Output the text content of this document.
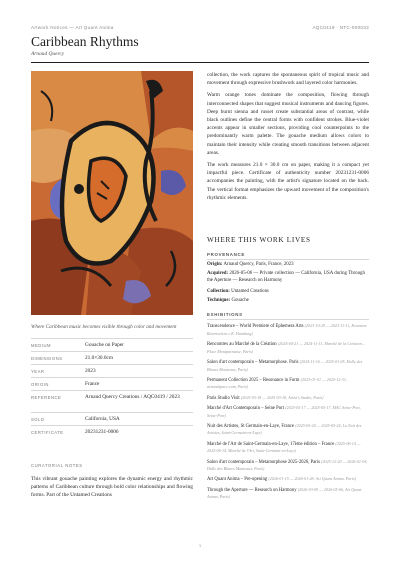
Artwork Notices — Art Quant Anima	AQC0419 · NTC-000033
Caribbean Rhythms
Arnaud Quercy
Where Caribbean music becomes visible through color and movement
MEDIUM	Gouache on Paper
DIMENSIONS	21.0×30.0cm
YEAR	2023
ORIGIN	France
REFERENCE	Arnaud Quercy Creations / AQC0419 / 2023
SOLD	California, USA
CERTIFICATE	20231231-0006
CURATORIAL NOTES
This vibrant gouache painting explores the dynamic energy and rhythmic patterns of Caribbean culture through bold color relationships and flowing forms. Part of the Untamed Creations

collection, the work captures the spontaneous spirit of tropical music and movement through expressive brushwork and layered color harmonies.

Warm orange tones dominate the composition, flowing through interconnected shapes that suggest musical instruments and dancing figures. Deep burnt sienna and russet create substantial areas of contrast, while black outlines define the central forms with confident strokes. Blue-violet accents appear in smaller sections, providing cool counterpoints to the predominantly warm palette. The gouache medium allows colors to maintain their intensity while creating smooth transitions between adjacent areas.

The work measures 21.0 × 30.0 cm on paper, making it a compact yet impactful piece. Certificate of authenticity number 20231231-0006 accompanies the painting, with the artist's signature located on the back. The vertical format emphasizes the upward movement of the composition's rhythmic elements.

WHERE THIS WORK LIVES
PROVENANCE
Origin: Arnaud Quercy, Paris, France, 2023
Acquired: 2026-05-06 — Private collection — California, USA during Through the Aperture — Research on Harmony
Collection: Untamed Creations
Technique: Gouache
EXHIBITIONS
Transcendence – World Premiere of Ephemera Arts (2023-10-29 — 2023-11-11, Kraemon Ravensviera e.K. Hamburg)
Rencontres au Marché de la Création (2024-04-21 — 2024-11-11, Marché de la Création – Place Montparnasse, Paris)
Salon d'art contemporain – Metamorphose. Paris (2024-11-16 — 2025-01-05, Halle des Blancs Manteaux, Paris)
Permanent Collection 2025 – Resonance in Form (2025-01-01 — 2025-12-31, artsindspace.com, Paris)
Paris Studio Visit (2025-03-18 — 2025-03-18, Artist's Studio, Paris)
Marché d'Art Contemporain – Seine Port (2025-05-17 — 2025-05-17, MAC Seine-Port, Seine-Port)
Nuit des Artistes, St Germain-en-Laye, France (2025-05-24 — 2025-05-24, La Nuit des Artistes, Saint-Germain-en-Laye)
Marché de l'Art de Saint-Germain-en-Laye, 17ème édition – France (2025-06-14 — 2025-06-14, Marché de l'Art, Saint-Germain-en-Laye)
Salon d'art contemporain – Metamorphose 2025-2026, Paris (2025-12-20 — 2026-01-04, Halle des Blancs Manteaux, Paris)
Art Quant Anima – Pre-opening (2026-01-15 — 2026-01-28, Art Quant Anima, Paris)
Through the Aperture — Research on Harmony (2026-03-09 — 2026-05-06, Art Quant Anima, Paris)
1
